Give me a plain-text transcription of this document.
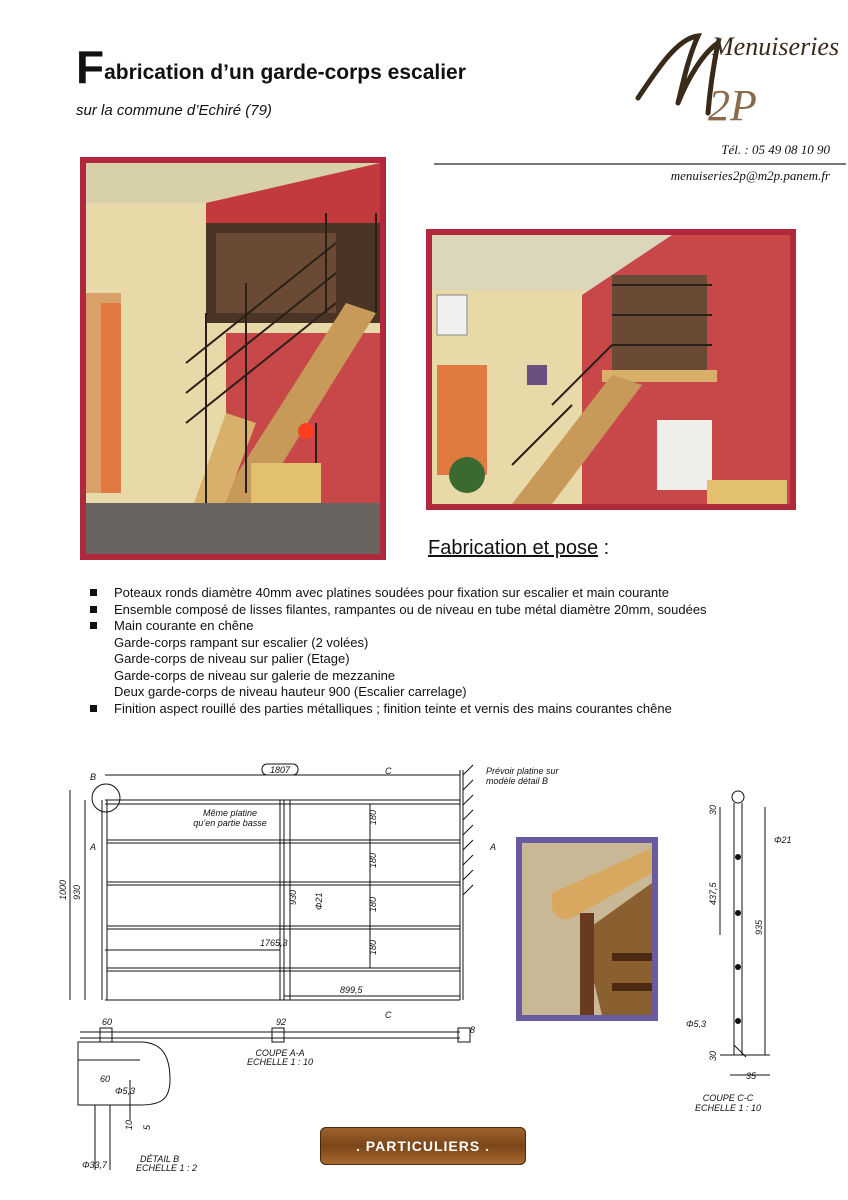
Fabrication d’un garde-corps escalier
sur la commune d’Echiré (79)	2P
Menuiseries
Tél. : 05 49 08 10 90
menuiseries2p@m2p.panem.fr
Fabrication et pose :
Poteaux ronds diamètre 40mm avec platines soudées pour fixation sur escalier et main courante
Ensemble composé de lisses filantes, rampantes ou de niveau en tube métal diamètre 20mm, soudées
Main courante en chêne
Garde-corps rampant sur escalier (2 volées)
Garde-corps de niveau sur palier (Etage)
Garde-corps de niveau sur galerie de mezzanine
Deux garde-corps de niveau hauteur 900 (Escalier carrelage)
Finition aspect rouillé des parties métalliques ; finition teinte et vernis des mains courantes chêne
1807	Prévoir platine sur
modèle détail B
Même platine
qu’en partie basse
1000 930	930
180
180
180
180
Φ21
1765,3
899,5
A	A
B
C
C
60	92
8
COUPE A-A
ECHELLE 1 : 10
60
Φ5,3
10 5
Φ33,7
DÉTAIL B
ECHELLE 1 : 2
30
437,5
935
Φ21
Φ5,3
30
35
COUPE C-C
ECHELLE 1 : 10
. PARTICULIERS .
